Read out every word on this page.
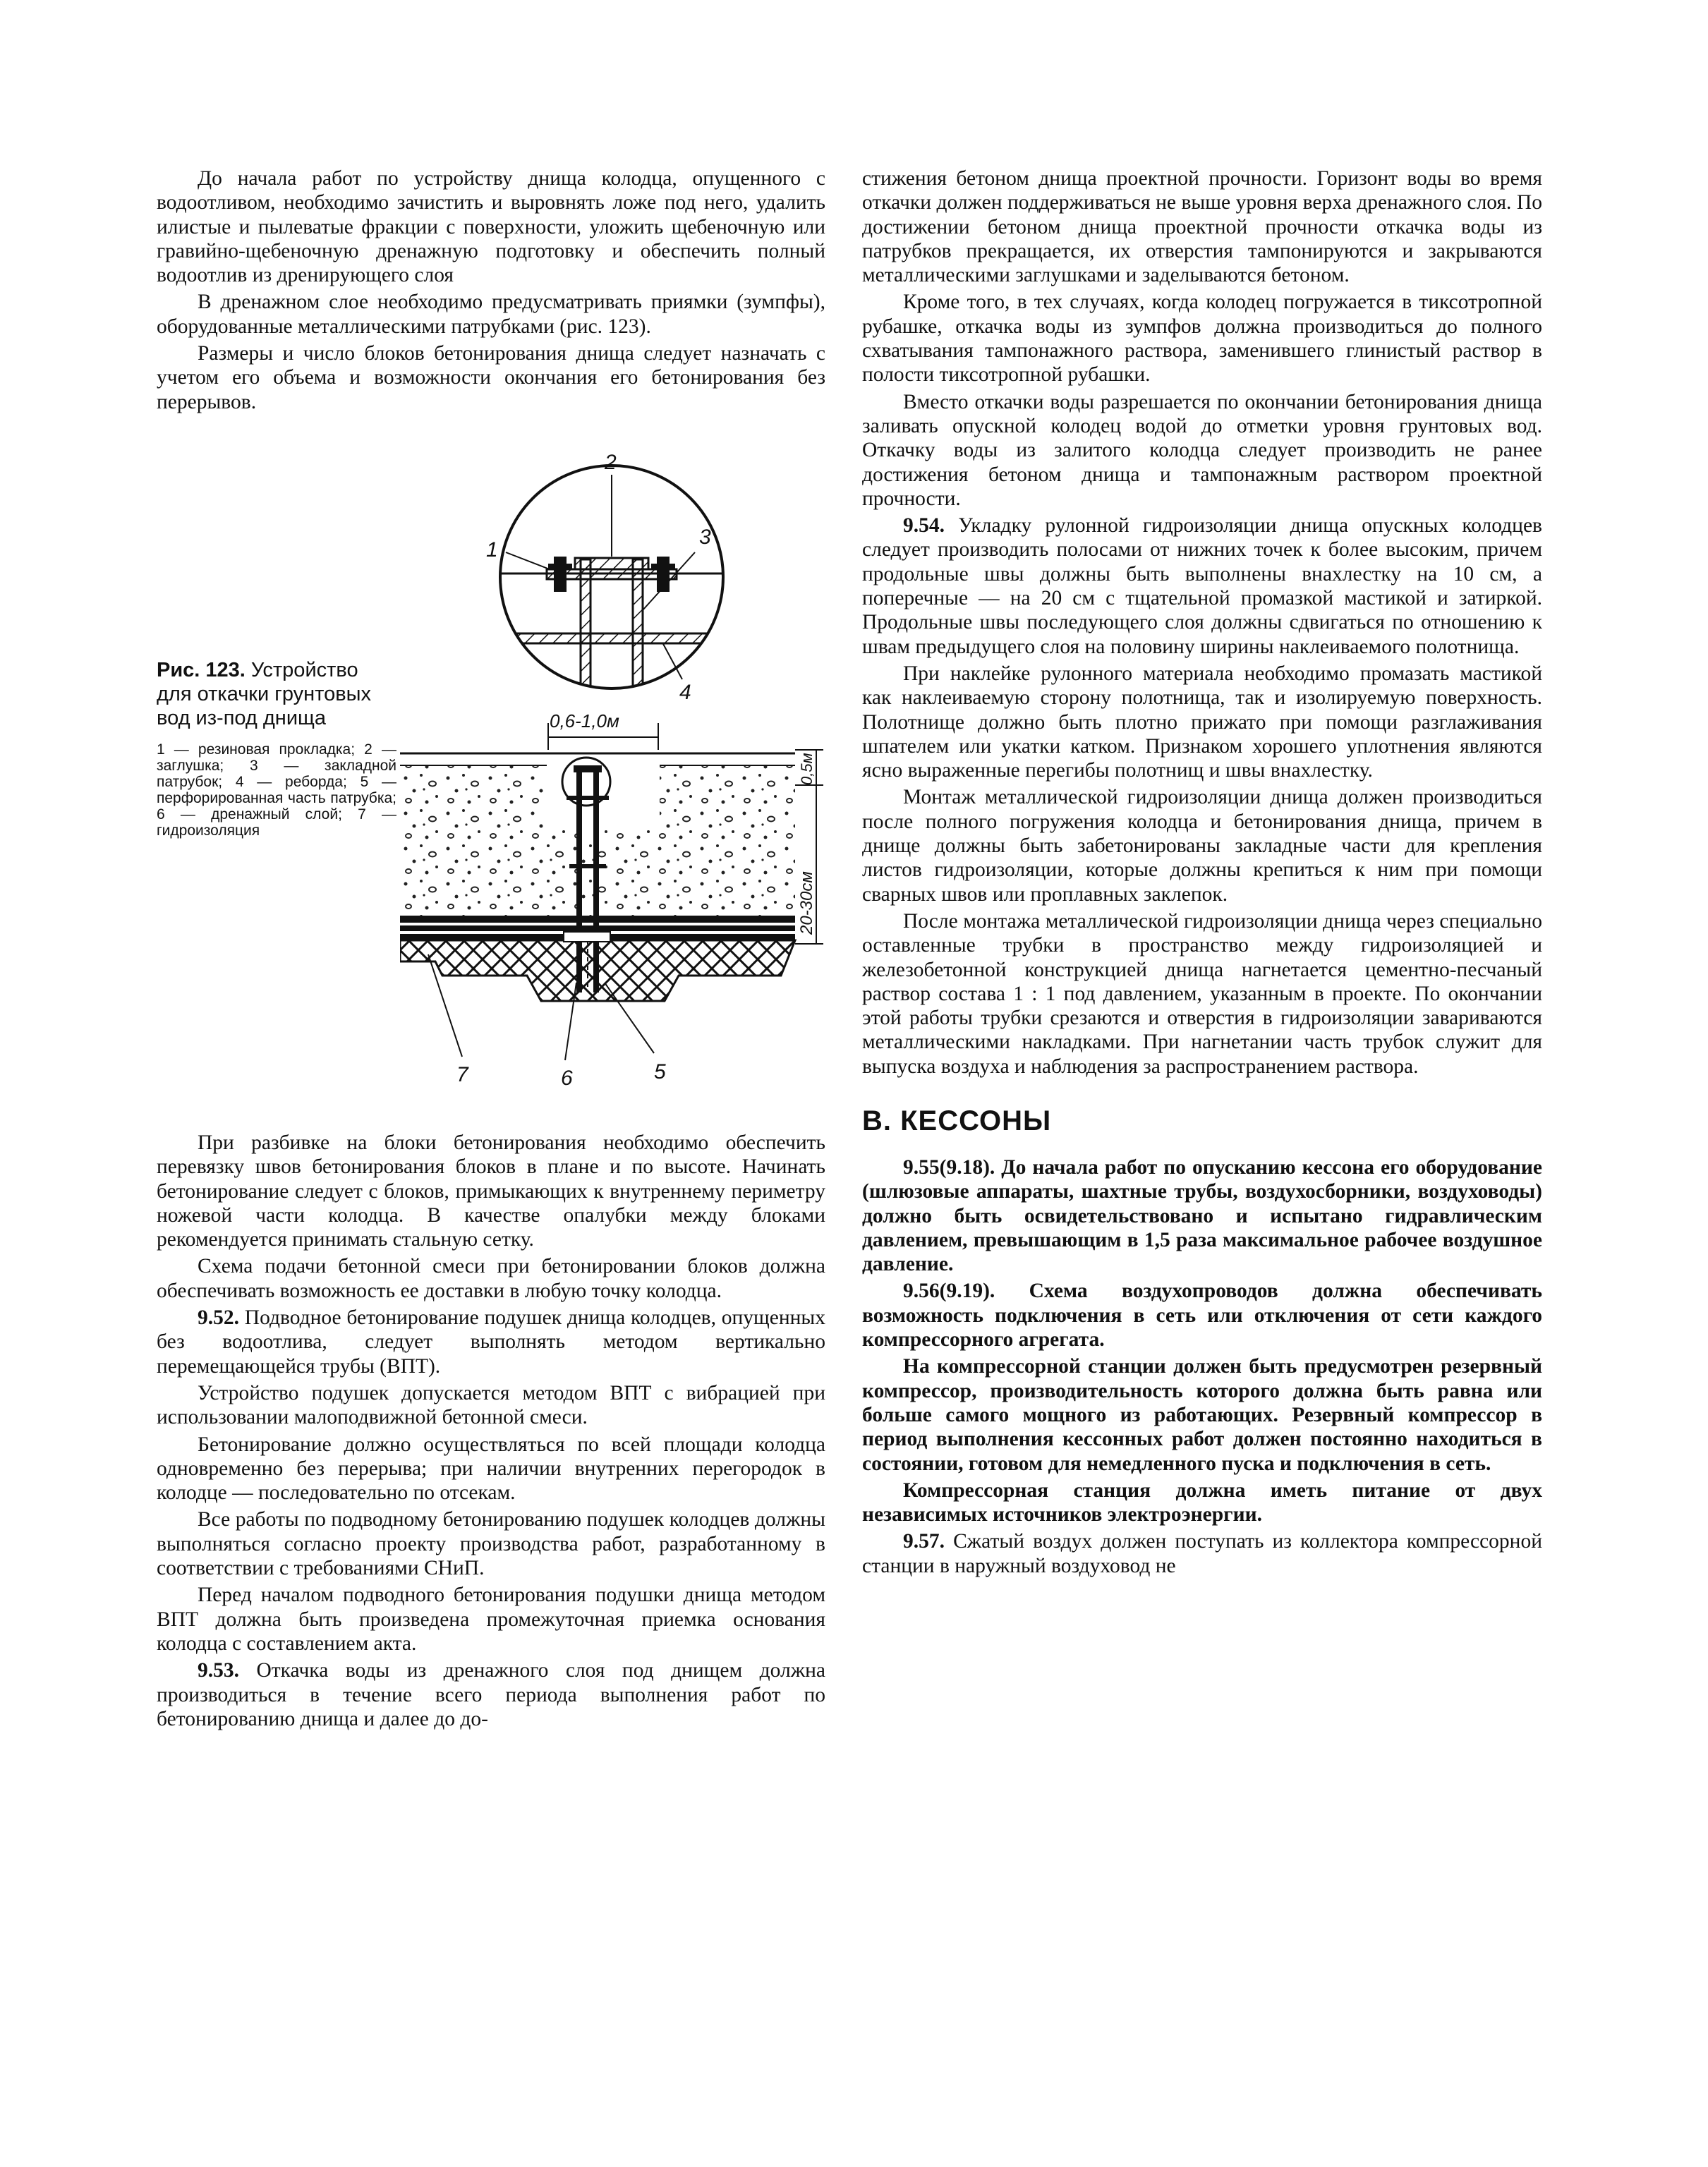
До начала работ по устройству днища колодца, опущенного с водоотливом, необходимо зачистить и выровнять ложе под него, удалить илистые и пылеватые фракции с поверхности, уложить щебеночную или гравийно-щебеночную дренажную подготовку и обеспечить полный водоотлив из дренирующего слоя

В дренажном слое необходимо предусматривать приямки (зумпфы), оборудованные металлическими патрубками (рис. 123).

Размеры и число блоков бетонирования днища следует назначать с учетом его объема и возможности окончания его бетонирования без перерывов.

Рис. 123. Устройство для откачки грунтовых вод из-под днища

1 — резиновая прокладка; 2 — заглушка; 3 — закладной патрубок; 4 — реборда; 5 — перфорированная часть патрубка; 6 — дренажный слой; 7 — гидроизоляция

1
2
3
4
0,6-1,0м
0,5м
20-30см
7	6	5

При разбивке на блоки бетонирования необходимо обеспечить перевязку швов бетонирования блоков в плане и по высоте. Начинать бетонирование следует с блоков, примыкающих к внутреннему периметру ножевой части колодца. В качестве опалубки между блоками рекомендуется принимать стальную сетку.

Схема подачи бетонной смеси при бетонировании блоков должна обеспечивать возможность ее доставки в любую точку колодца.

9.52. Подводное бетонирование подушек днища колодцев, опущенных без водоотлива, следует выполнять методом вертикально перемещающейся трубы (ВПТ).

Устройство подушек допускается методом ВПТ с вибрацией при использовании малоподвижной бетонной смеси.

Бетонирование должно осуществляться по всей площади колодца одновременно без перерыва; при наличии внутренних перегородок в колодце — последовательно по отсекам.

Все работы по подводному бетонированию подушек колодцев должны выполняться согласно проекту производства работ, разработанному в соответствии с требованиями СНиП.

Перед началом подводного бетонирования подушки днища методом ВПТ должна быть произведена промежуточная приемка основания колодца с составлением акта.

9.53. Откачка воды из дренажного слоя под днищем должна производиться в течение всего периода выполнения работ по бетонированию днища и далее до до-

стижения бетоном днища проектной прочности. Горизонт воды во время откачки должен поддерживаться не выше уровня верха дренажного слоя. По достижении бетоном днища проектной прочности откачка воды из патрубков прекращается, их отверстия тампонируются и закрываются металлическими заглушками и заделываются бетоном.

Кроме того, в тех случаях, когда колодец погружается в тиксотропной рубашке, откачка воды из зумпфов должна производиться до полного схватывания тампонажного раствора, заменившего глинистый раствор в полости тиксотропной рубашки.

Вместо откачки воды разрешается по окончании бетонирования днища заливать опускной колодец водой до отметки уровня грунтовых вод. Откачку воды из залитого колодца следует производить не ранее достижения бетоном днища и тампонажным раствором проектной прочности.

9.54. Укладку рулонной гидроизоляции днища опускных колодцев следует производить полосами от нижних точек к более высоким, причем продольные швы должны быть выполнены внахлестку на 10 см, а поперечные — на 20 см с тщательной промазкой мастикой и затиркой. Продольные швы последующего слоя должны сдвигаться по отношению к швам предыдущего слоя на половину ширины наклеиваемого полотнища.

При наклейке рулонного материала необходимо промазать мастикой как наклеиваемую сторону полотнища, так и изолируемую поверхность. Полотнище должно быть плотно прижато при помощи разглаживания шпателем или укатки катком. Признаком хорошего уплотнения являются ясно выраженные перегибы полотнищ и швы внахлестку.

Монтаж металлической гидроизоляции днища должен производиться после полного погружения колодца и бетонирования днища, причем в днище должны быть забетонированы закладные части для крепления листов гидроизоляции, которые должны крепиться к ним при помощи сварных швов или проплавных заклепок.

После монтажа металлической гидроизоляции днища через специально оставленные трубки в пространство между гидроизоляцией и железобетонной конструкцией днища нагнетается цементно-песчаный раствор состава 1 : 1 под давлением, указанным в проекте. По окончании этой работы трубки срезаются и отверстия в гидроизоляции завариваются металлическими накладками. При нагнетании часть трубок служит для выпуска воздуха и наблюдения за распространением раствора.

В. КЕССОНЫ

9.55(9.18). До начала работ по опусканию кессона его оборудование (шлюзовые аппараты, шахтные трубы, воздухосборники, воздуховоды) должно быть освидетельствовано и испытано гидравлическим давлением, превышающим в 1,5 раза максимальное рабочее воздушное давление.

9.56(9.19). Схема воздухопроводов должна обеспечивать возможность подключения в сеть или отключения от сети каждого компрессорного агрегата.

На компрессорной станции должен быть предусмотрен резервный компрессор, производительность которого должна быть равна или больше самого мощного из работающих. Резервный компрессор в период выполнения кессонных работ должен постоянно находиться в состоянии, готовом для немедленного пуска и подключения в сеть.

Компрессорная станция должна иметь питание от двух независимых источников электроэнергии.

9.57. Сжатый воздух должен поступать из коллектора компрессорной станции в наружный воздуховод не
